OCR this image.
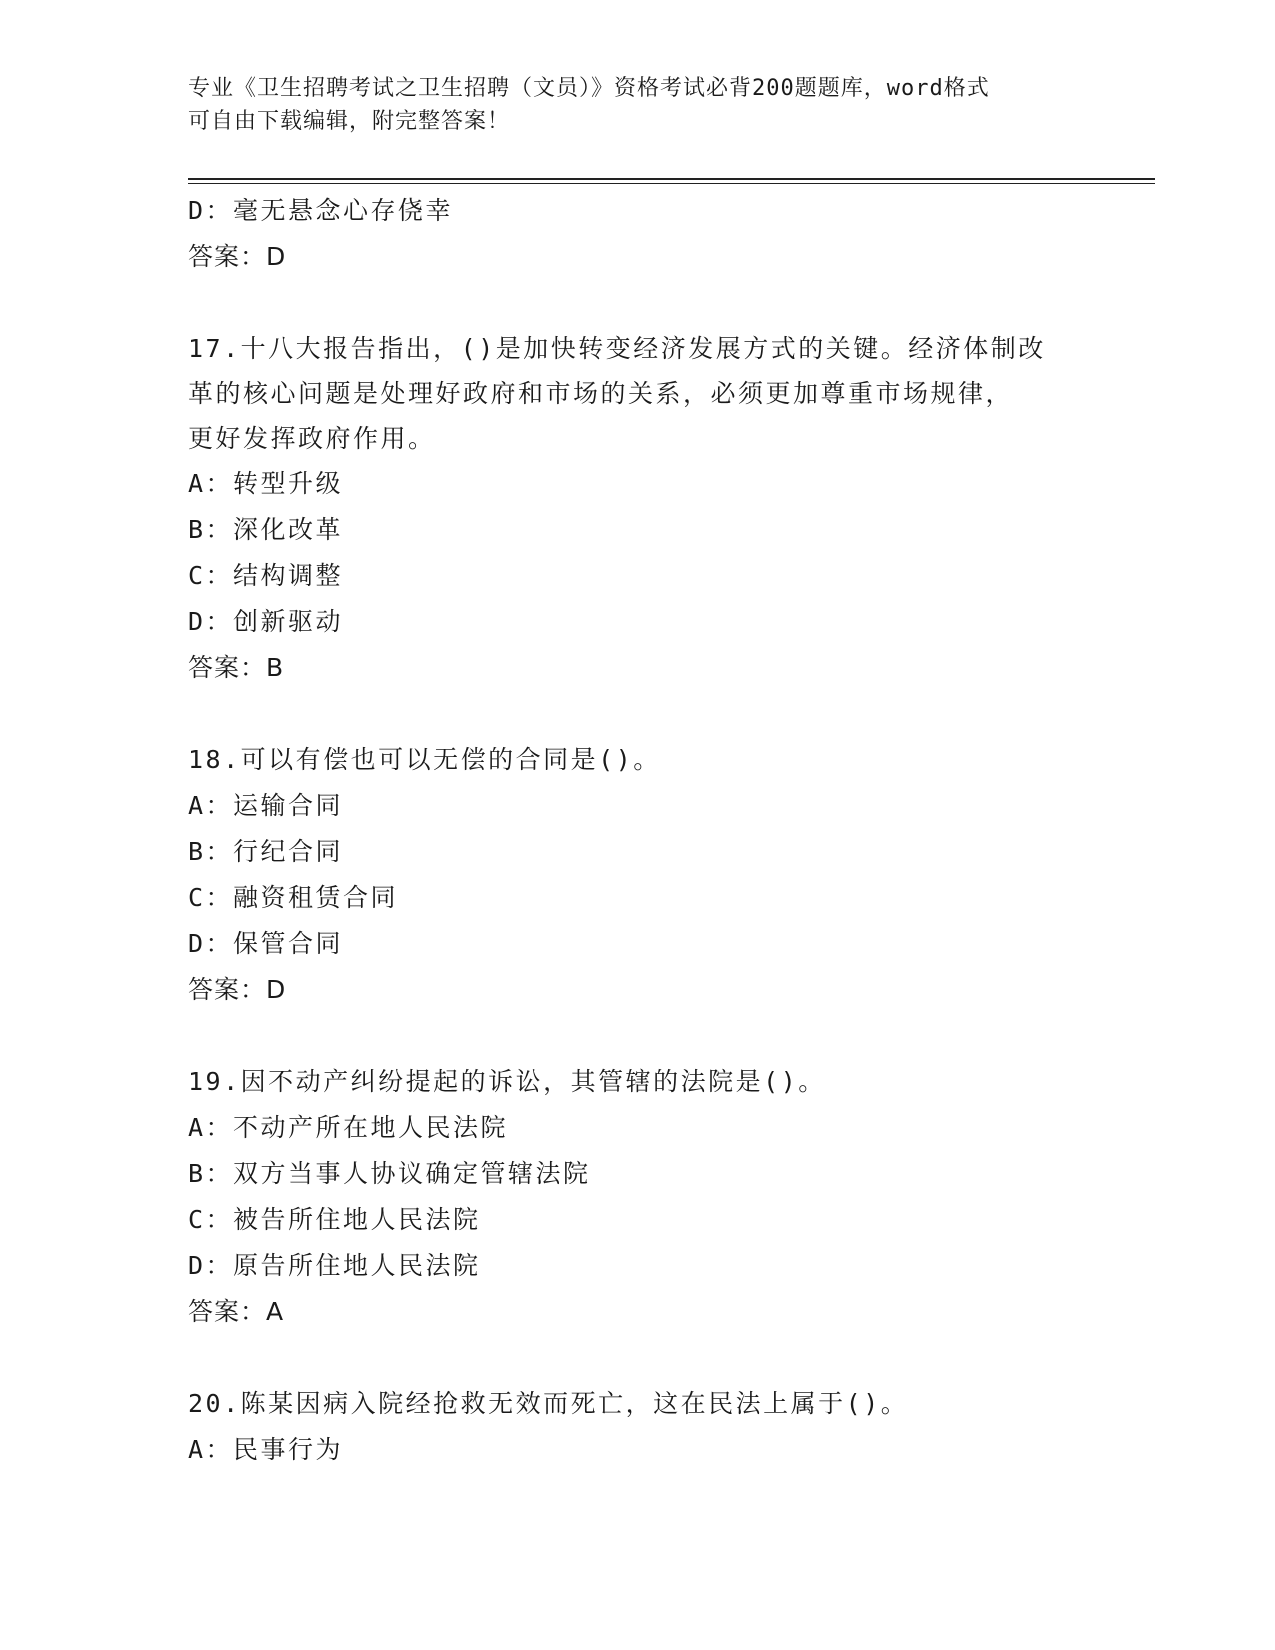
专业《卫生招聘考试之卫生招聘（文员）》资格考试必背200题题库，word格式
可自由下载编辑，附完整答案！
D：毫无悬念心存侥幸
答案：D
17.十八大报告指出，()是加快转变经济发展方式的关键。经济体制改
革的核心问题是处理好政府和市场的关系，必须更加尊重市场规律，
更好发挥政府作用。
A：转型升级
B：深化改革
C：结构调整
D：创新驱动
答案：B
18.可以有偿也可以无偿的合同是()。
A：运输合同
B：行纪合同
C：融资租赁合同
D：保管合同
答案：D
19.因不动产纠纷提起的诉讼，其管辖的法院是()。
A：不动产所在地人民法院
B：双方当事人协议确定管辖法院
C：被告所住地人民法院
D：原告所住地人民法院
答案：A
20.陈某因病入院经抢救无效而死亡，这在民法上属于()。
A：民事行为
